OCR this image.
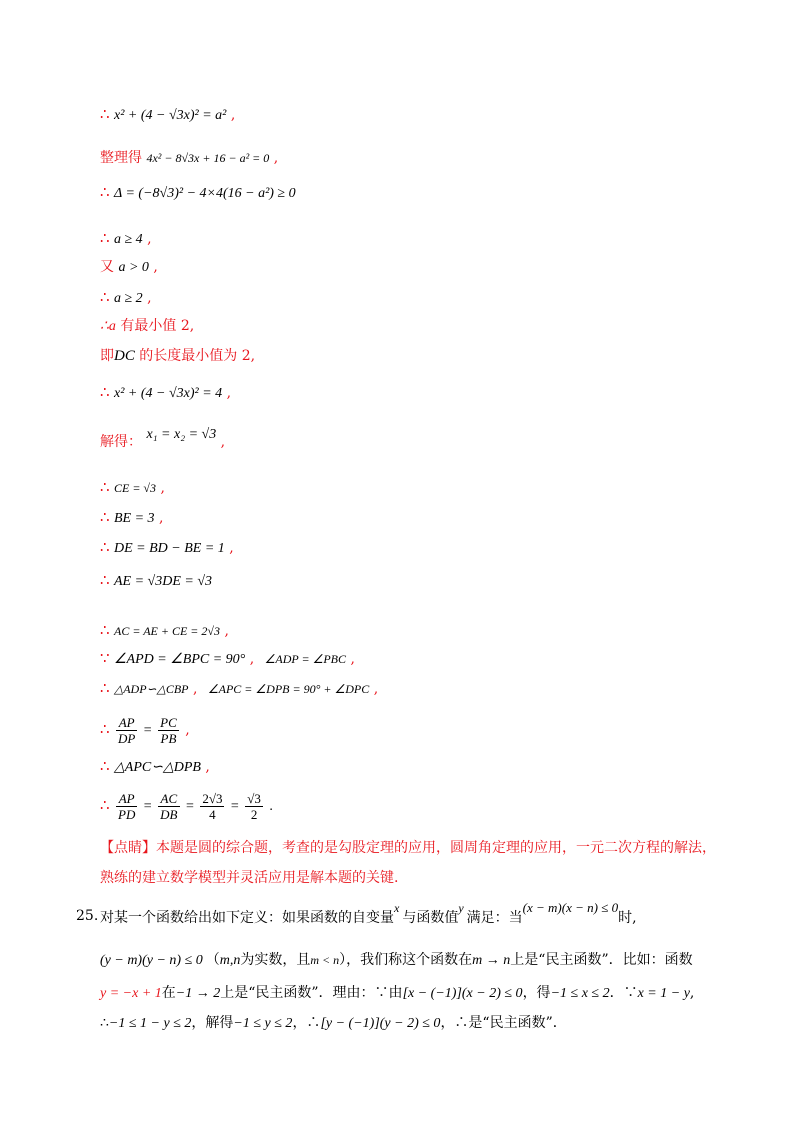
∴ x² + (4 − √3x)² = a² ,
整理得 4x² − 8√3x + 16 − a² = 0 ,
∴ Δ = (−8√3)² − 4×4(16 − a²) ≥ 0
∴ a ≥ 4 ,
又 a > 0 ,
∴ a ≥ 2 ,
∴a 有最小值 2,
即DC 的长度最小值为 2,
∴ x² + (4 − √3x)² = 4 ,
解得： x₁ = x₂ = √3 ,
∴ CE = √3 ,
∴ BE = 3 ,
∴ DE = BD − BE = 1 ,
∴ AE = √3DE = √3
∴ AC = AE + CE = 2√3 ,
∵ ∠APD = ∠BPC = 90° , ∠ADP = ∠PBC ,
∴ △ADP∽△CBP , ∠APC = ∠DPB = 90° + ∠DPC ,
∴ $\frac{AP}{DP} = \frac{PC}{PB}$ ,
∴ △APC∽△DPB ,
∴ $\frac{AP}{PD} = \frac{AC}{DB} = \frac{2√3}{4} = \frac{√3}{2}$ .
【点睛】本题是圆的综合题，考查的是勾股定理的应用，圆周角定理的应用，一元二次方程的解法，
熟练的建立数学模型并灵活应用是解本题的关键.
25. 对某一个函数给出如下定义：如果函数的自变量x与函数值y满足：当(x − m)(x − n) ≤ 0时,
(y − m)(y − n) ≤ 0 （m,n为实数，且m < n），我们称这个函数在m → n上是“民主函数”．比如：函数
y = −x + 1在−1 → 2上是“民主函数”．理由：∵由[x − (−1)](x − 2) ≤ 0，得−1 ≤ x ≤ 2．∵x = 1 − y,
∴−1 ≤ 1 − y ≤ 2，解得−1 ≤ y ≤ 2，∴[y − (−1)](y − 2) ≤ 0，∴是“民主函数”．
